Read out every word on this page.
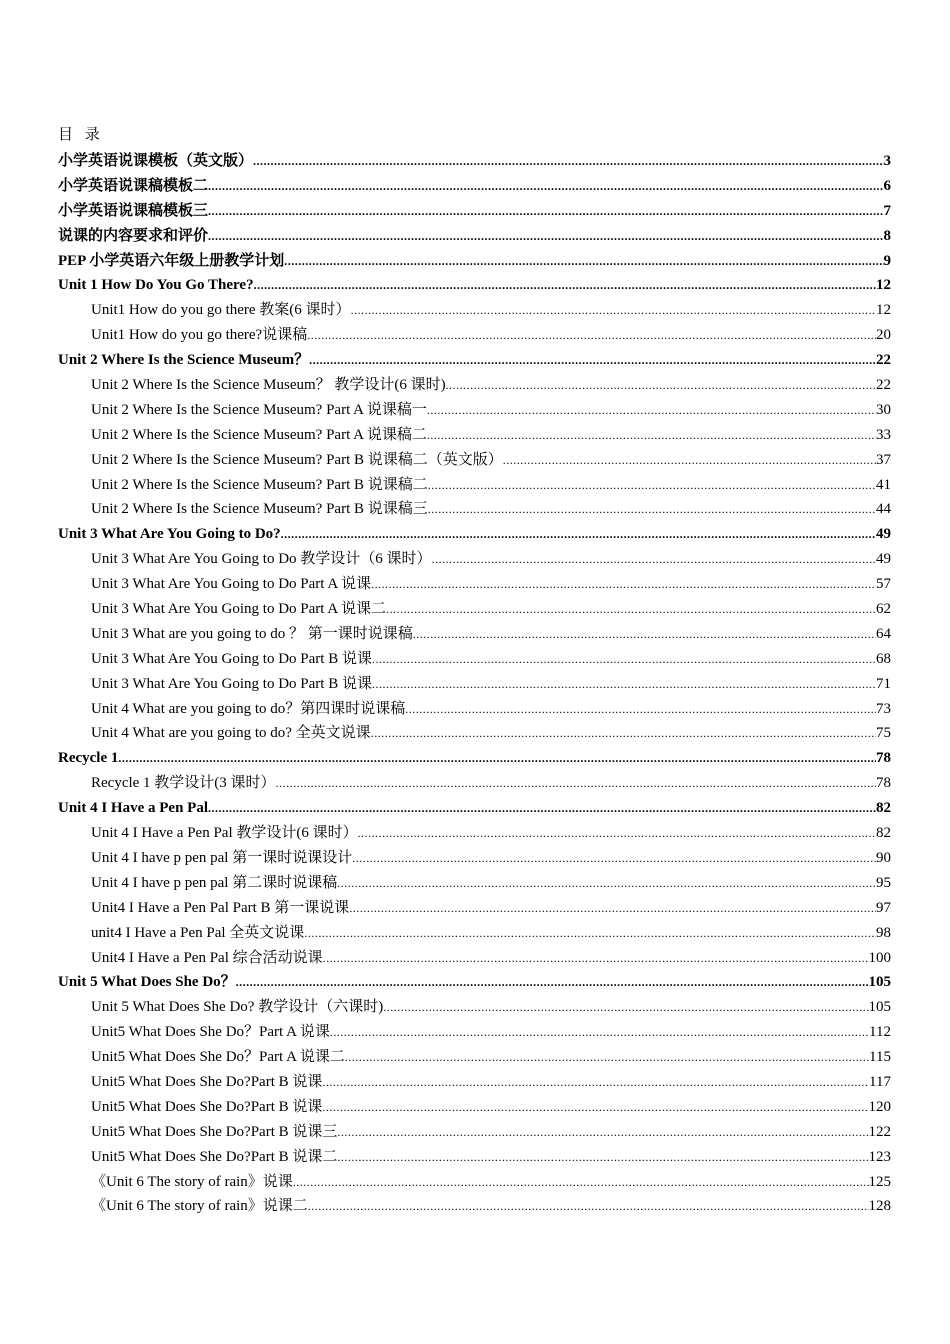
目 录
小学英语说课模板（英文版） .....	3
小学英语说课稿模板二 .....	6
小学英语说课稿模板三 .....	7
说课的内容要求和评价 .....	8
PEP 小学英语六年级上册教学计划 .....	9
Unit 1 How Do You Go There? .....	12
Unit1 How do you go there 教案(6 课时） .....	12
Unit1 How do you go there?说课稿 .....	20
Unit 2 Where Is the Science Museum？ .....	22
Unit 2 Where Is the Science Museum？ 教学设计(6 课时) .....	22
Unit 2 Where Is the Science Museum? Part A 说课稿一 .....	30
Unit 2 Where Is the Science Museum? Part A 说课稿二 .....	33
Unit 2 Where Is the Science Museum? Part B 说课稿二（英文版） .....	37
Unit 2 Where Is the Science Museum? Part B 说课稿二 .....	41
Unit 2 Where Is the Science Museum? Part B 说课稿三 .....	44
Unit 3 What Are You Going to Do? .....	49
Unit 3 What Are You Going to Do 教学设计（6 课时） .....	49
Unit 3 What Are You Going to Do Part A 说课 .....	57
Unit 3 What Are You Going to Do Part A 说课二 .....	62
Unit 3 What are you going to do ？ 第一课时说课稿 .....	64
Unit 3 What Are You Going to Do Part B 说课 .....	68
Unit 3 What Are You Going to Do Part B 说课 .....	71
Unit 4 What are you going to do？第四课时说课稿 .....	73
Unit 4 What are you going to do? 全英文说课 .....	75
Recycle 1 .....	78
Recycle 1 教学设计(3 课时） .....	78
Unit 4 I Have a Pen Pal .....	82
Unit 4 I Have a Pen Pal 教学设计(6 课时） .....	82
Unit 4 I have p pen pal 第一课时说课设计 .....	90
Unit 4 I have p pen pal 第二课时说课稿 .....	95
Unit4 I Have a Pen Pal Part B 第一课说课 .....	97
unit4 I Have a Pen Pal 全英文说课 .....	98
Unit4 I Have a Pen Pal 综合活动说课 .....	100
Unit 5 What Does She Do？ .....	105
Unit 5 What Does She Do? 教学设计（六课时) .....	105
Unit5 What Does She Do？Part A 说课 .....	112
Unit5 What Does She Do？Part A 说课二 .....	115
Unit5 What Does She Do?Part B 说课 .....	117
Unit5 What Does She Do?Part B 说课 .....	120
Unit5 What Does She Do?Part B 说课三 .....	122
Unit5 What Does She Do?Part B 说课二 .....	123
《Unit 6 The story of rain》说课 .....	125
《Unit 6 The story of rain》说课二 .....	128
